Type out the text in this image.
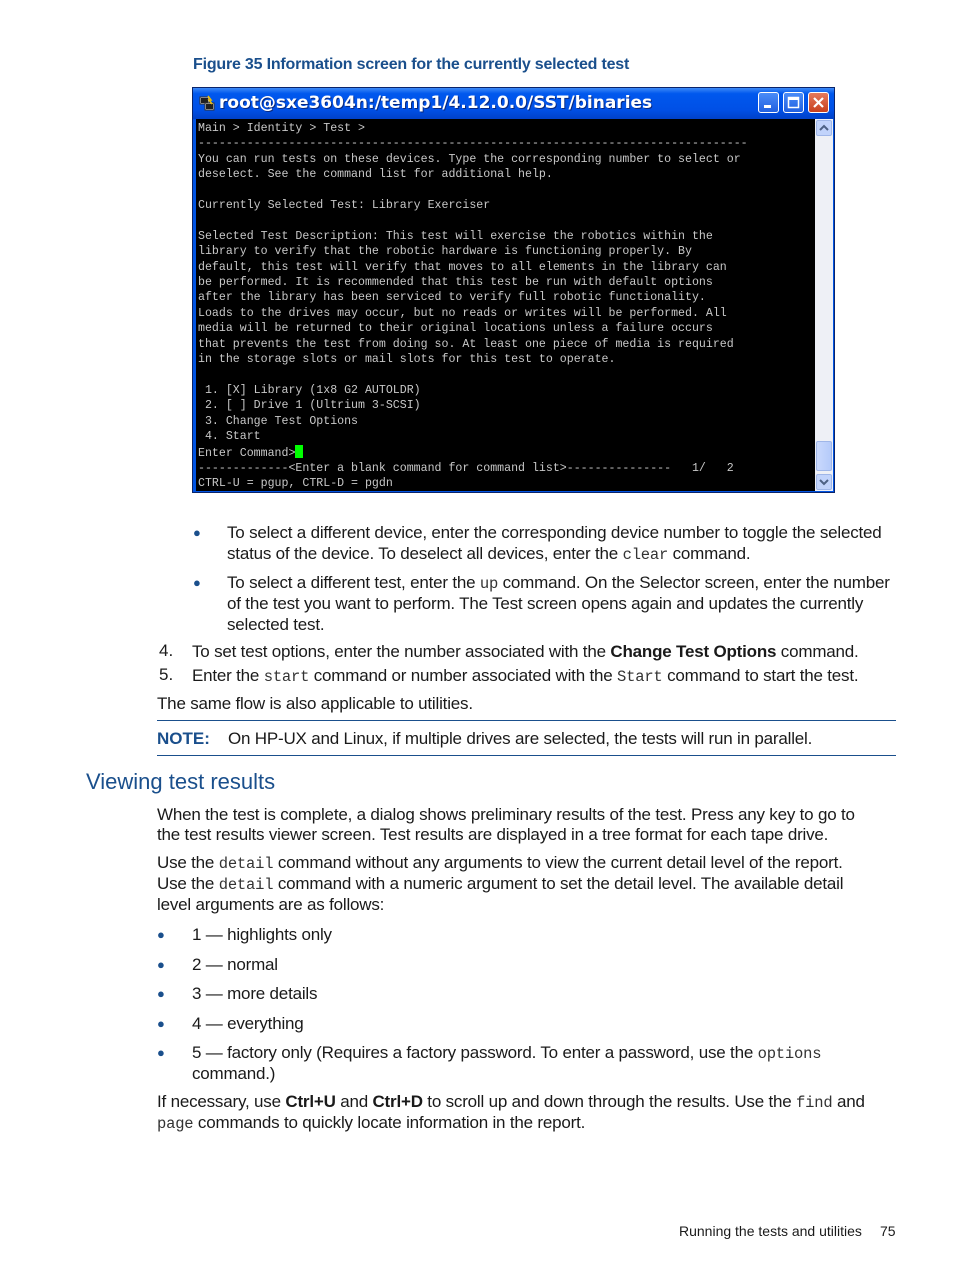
Figure 35 Information screen for the currently selected test
root@sxe3604n:/temp1/4.12.0.0/SST/binaries
Main > Identity > Test >
-------------------------------------------------------------------------------
You can run tests on these devices. Type the corresponding number to select or
deselect. See the command list for additional help.

Currently Selected Test: Library Exerciser

Selected Test Description: This test will exercise the robotics within the
library to verify that the robotic hardware is functioning properly. By
default, this test will verify that moves to all elements in the library can
be performed. It is recommended that this test be run with default options
after the library has been serviced to verify full robotic functionality.
Loads to the drives may occur, but no reads or writes will be performed. All
media will be returned to their original locations unless a failure occurs
that prevents the test from doing so. At least one piece of media is required
in the storage slots or mail slots for this test to operate.

1. [X] Library (1x8 G2 AUTOLDR)
2. [ ] Drive 1 (Ultrium 3-SCSI)
3. Change Test Options
4. Start
Enter Command>
-------------<Enter a blank command for command list>---------------   1/   2
CTRL-U = pgup, CTRL-D = pgdn
● To select a different device, enter the corresponding device number to toggle the selected
status of the device. To deselect all devices, enter the clear command.
● To select a different test, enter the up command. On the Selector screen, enter the number
of the test you want to perform. The Test screen opens again and updates the currently
selected test.
4. To set test options, enter the number associated with the Change Test Options command.
5. Enter the start command or number associated with the Start command to start the test.
The same flow is also applicable to utilities.
NOTE: On HP-UX and Linux, if multiple drives are selected, the tests will run in parallel.
Viewing test results
When the test is complete, a dialog shows preliminary results of the test. Press any key to go to
the test results viewer screen. Test results are displayed in a tree format for each tape drive.
Use the detail command without any arguments to view the current detail level of the report.
Use the detail command with a numeric argument to set the detail level. The available detail
level arguments are as follows:
● 1 — highlights only
● 2 — normal
● 3 — more details
● 4 — everything
● 5 — factory only (Requires a factory password. To enter a password, use the options
command.)
If necessary, use Ctrl+U and Ctrl+D to scroll up and down through the results. Use the find and
page commands to quickly locate information in the report.
Running the tests and utilities 75
